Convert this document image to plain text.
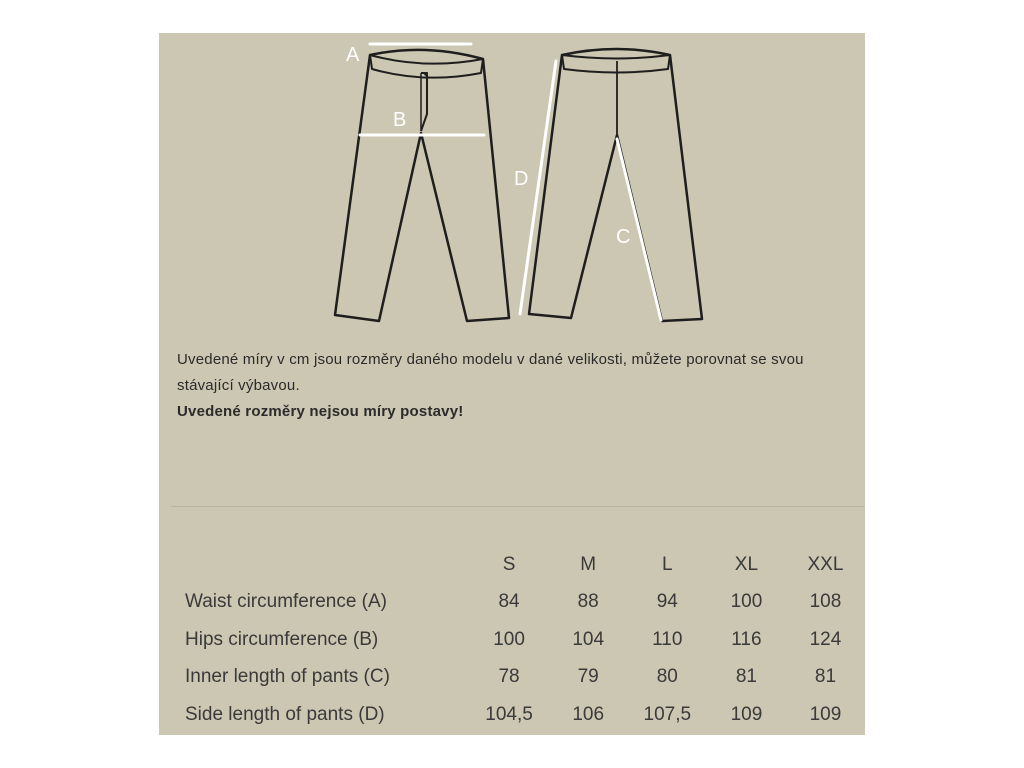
A
B
C
D

Uvedené míry v cm jsou rozměry daného modelu v dané velikosti, můžete porovnat se svou stávající výbavou.

Uvedené rozměry nejsou míry postavy!

	S	M	L	XL	XXL
Waist circumference (A)	84	88	94	100	108
Hips circumference (B)	100	104	110	116	124
Inner length of pants (C)	78	79	80	81	81
Side length of pants (D)	104,5	106	107,5	109	109
